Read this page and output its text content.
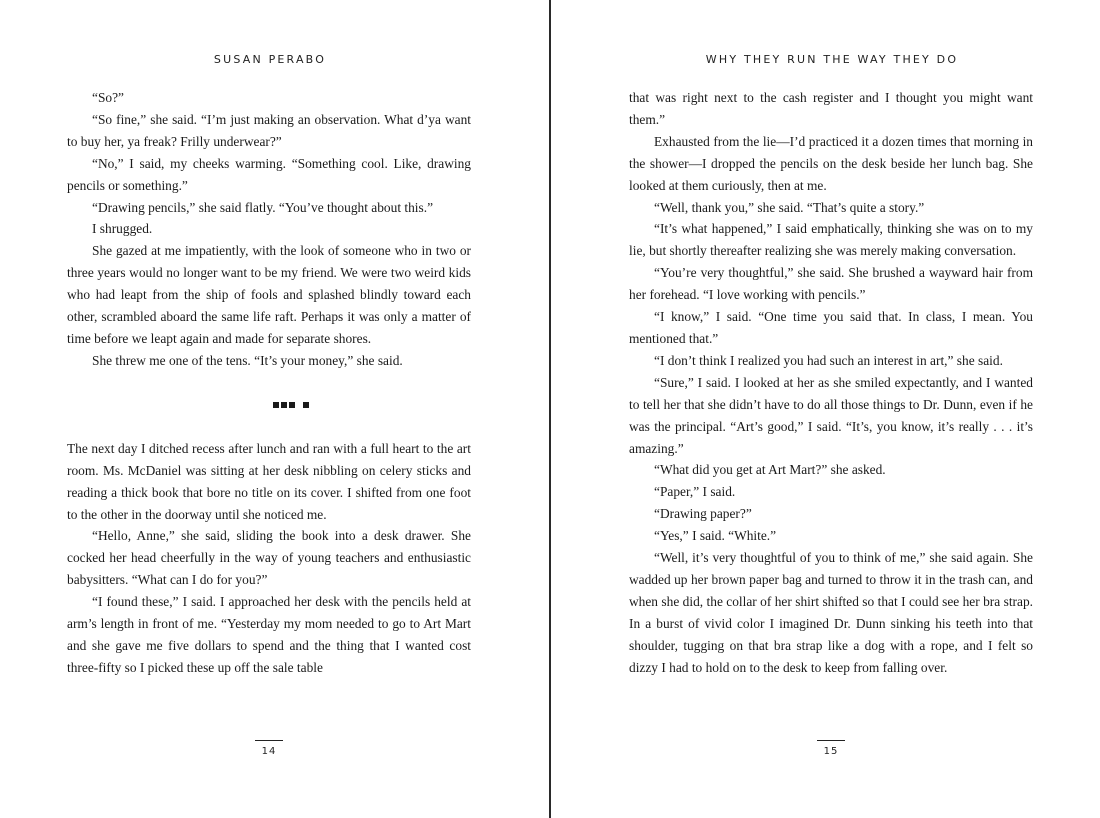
SUSAN PERABO

“So?”

“So fine,” she said. “I’m just making an observation. What d’ya want to buy her, ya freak? Frilly underwear?”

“No,” I said, my cheeks warming. “Something cool. Like, drawing pencils or something.”

“Drawing pencils,” she said flatly. “You’ve thought about this.”

I shrugged.

She gazed at me impatiently, with the look of someone who in two or three years would no longer want to be my friend. We were two weird kids who had leapt from the ship of fools and splashed blindly toward each other, scrambled aboard the same life raft. Perhaps it was only a matter of time before we leapt again and made for separate shores.

She threw me one of the tens. “It’s your money,” she said.

The next day I ditched recess after lunch and ran with a full heart to the art room. Ms. McDaniel was sitting at her desk nibbling on celery sticks and reading a thick book that bore no title on its cover. I shifted from one foot to the other in the doorway until she noticed me.

“Hello, Anne,” she said, sliding the book into a desk drawer. She cocked her head cheerfully in the way of young teachers and enthusiastic babysitters. “What can I do for you?”

“I found these,” I said. I approached her desk with the pencils held at arm’s length in front of me. “Yesterday my mom needed to go to Art Mart and she gave me five dollars to spend and the thing that I wanted cost three-fifty so I picked these up off the sale table

14
WHY THEY RUN THE WAY THEY DO

that was right next to the cash register and I thought you might want them.”

Exhausted from the lie—I’d practiced it a dozen times that morning in the shower—I dropped the pencils on the desk beside her lunch bag. She looked at them curiously, then at me.

“Well, thank you,” she said. “That’s quite a story.”

“It’s what happened,” I said emphatically, thinking she was on to my lie, but shortly thereafter realizing she was merely making conversation.

“You’re very thoughtful,” she said. She brushed a wayward hair from her forehead. “I love working with pencils.”

“I know,” I said. “One time you said that. In class, I mean. You mentioned that.”

“I don’t think I realized you had such an interest in art,” she said.

“Sure,” I said. I looked at her as she smiled expectantly, and I wanted to tell her that she didn’t have to do all those things to Dr. Dunn, even if he was the principal. “Art’s good,” I said. “It’s, you know, it’s really . . . it’s amazing.”

“What did you get at Art Mart?” she asked.

“Paper,” I said.

“Drawing paper?”

“Yes,” I said. “White.”

“Well, it’s very thoughtful of you to think of me,” she said again. She wadded up her brown paper bag and turned to throw it in the trash can, and when she did, the collar of her shirt shifted so that I could see her bra strap. In a burst of vivid color I imagined Dr. Dunn sinking his teeth into that shoulder, tugging on that bra strap like a dog with a rope, and I felt so dizzy I had to hold on to the desk to keep from falling over.

15
